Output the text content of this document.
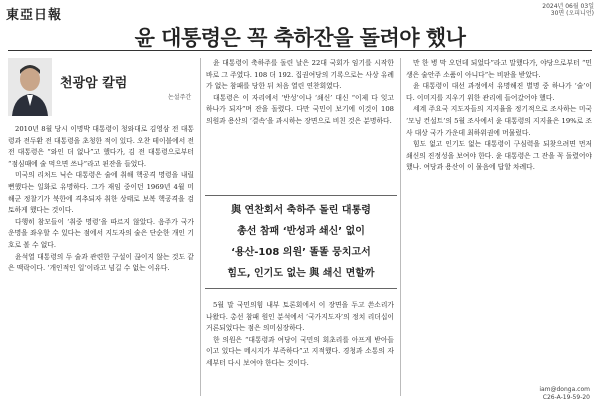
東亞日報
2024년 06월 03일
30면 (오피니언)
윤 대통령은 꼭 축하잔을 돌려야 했나
천광암 칼럼
논설주간

2010년 8월 당시 이명박 대통령이 청와대로 김영삼 전 대통령과 전두환 전 대통령을 초청한 적이 있다. 오찬 테이블에서 전 전 대통령은 “와인 더 없나”고 했다가, 김 전 대통령으로부터 “점심때에 술 먹으면 쓰나”라고 핀잔을 들었다.

미국의 리처드 닉슨 대통령은 술에 취해 핵공격 명령을 내릴 뻔했다는 일화로 유명하다. 그가 재임 중이던 1969년 4월 미 해군 정찰기가 북한에 격추되자 취한 상태로 보복 핵공격을 검토하게 했다는 것이다.

다행히 참모들이 ‘취중 명령’을 따르지 않았다. 음주가 국가 운명을 좌우할 수 있다는 점에서 지도자의 술은 단순한 개인 기호로 볼 수 없다.

윤석열 대통령의 두 술과 관련한 구설이 끊이지 않는 것도 같은 맥락이다. ‘개인적인 일’이라고 넘길 수 없는 이유다.

윤 대통령이 축하주를 돌린 날은 22대 국회가 임기를 시작한 바로 그 주였다. 108 더 192. 집권여당의 기록으로는 사상 유례가 없는 참패를 당한 뒤 처음 열린 연찬회였다.

대통령은 이 자리에서 ‘반성’이나 ‘쇄신’ 대신 “이제 다 잊고 하나가 되자”며 잔을 돌렸다. 다만 국민이 보기에 이것이 108 의원과 용산의 ‘결속’을 과시하는 장면으로 비친 것은 분명하다.

與 연찬회서 축하주 돌린 대통령
총선 참패 ‘반성과 쇄신’ 없이
‘용산-108 의원’ 똘똘 뭉치고서
힘도, 인기도 없는 與 쇄신 면할까

5월 말 국민의힘 내부 토론회에서 이 장면을 두고 쓴소리가 나왔다. 총선 참패 원인 분석에서 ‘국가지도자’의 정치 리더십이 거론되었다는 점은 의미심장하다.

한 의원은 “대통령과 여당이 국민의 회초리를 아프게 받아들이고 있다는 메시지가 부족하다”고 지적했다. 경청과 소통의 자세부터 다시 보여야 한다는 것이다.

만 한 병 막 오던데 되었다”라고 말했다가, 야당으로부터 “민생은 술안주 소품이 아니다”는 비판을 받았다.

윤 대통령이 대선 과정에서 유명해진 별명 중 하나가 ‘술’이다. 이미지를 지우기 위한 관리에 들어갔어야 했다.

세계 주요국 지도자들의 지지율을 정기적으로 조사하는 미국 ‘모닝 컨설트’의 5월 조사에서 윤 대통령의 지지율은 19%로 조사 대상 국가 가운데 최하위권에 머물렀다.

힘도 없고 인기도 없는 대통령이 구심력을 되찾으려면 먼저 쇄신의 진정성을 보여야 한다. 윤 대통령은 그 잔을 꼭 돌렸어야 했나. 여당과 용산이 이 물음에 답할 차례다.

iam@donga.com
C26-A-19-59-20
